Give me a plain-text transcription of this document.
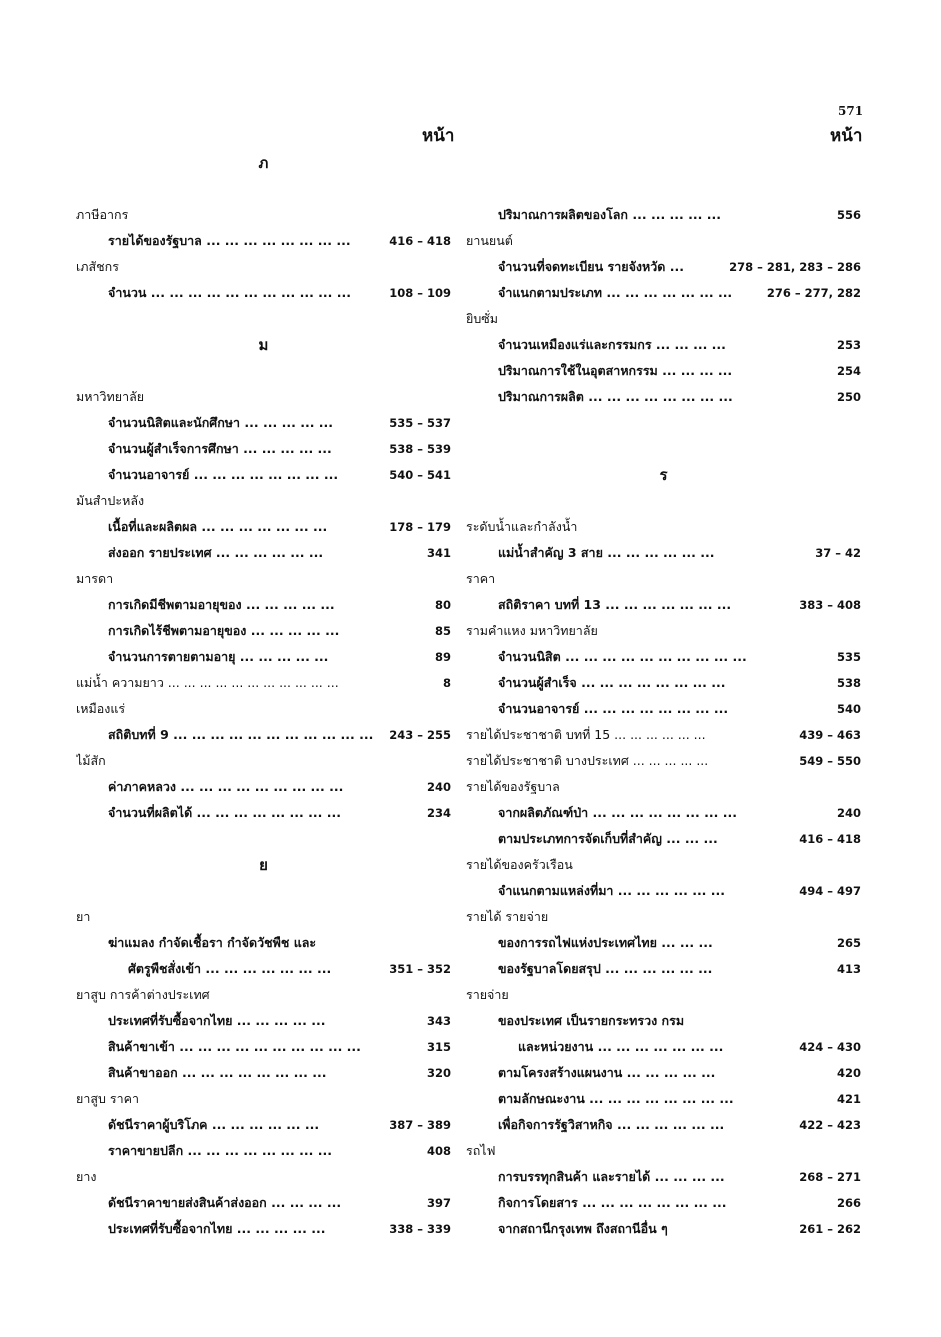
571
หน้า	หน้า
ภ
ภาษีอากร
รายได้ของรัฐบาล ... ... ... ... ... ... ... ...	416 – 418
เภสัชกร
จำนวน ... ... ... ... ... ... ... ... ... ... ...	108 – 109
ม
มหาวิทยาลัย
จำนวนนิสิตและนักศึกษา ... ... ... ... ...	535 – 537
จำนวนผู้สำเร็จการศึกษา ... ... ... ... ...	538 – 539
จำนวนอาจารย์ ... ... ... ... ... ... ... ...	540 – 541
มันสำปะหลัง
เนื้อที่และผลิตผล ... ... ... ... ... ... ...	178 – 179
ส่งออก รายประเทศ ... ... ... ... ... ...	341
มารดา
การเกิดมีชีพตามอายุของ ... ... ... ... ...	80
การเกิดไร้ชีพตามอายุของ ... ... ... ... ...	85
จำนวนการตายตามอายุ ... ... ... ... ...	89
แม่น้ำ ความยาว ... ... ... ... ... ... ... ... ... ... ...	8
เหมืองแร่
สถิติบทที่ 9 ... ... ... ... ... ... ... ... ... ... ... 243 – 255
ไม้สัก
ค่าภาคหลวง ... ... ... ... ... ... ... ... ...	240
จำนวนที่ผลิตได้ ... ... ... ... ... ... ... ...	234
ย
ยา
ฆ่าแมลง กำจัดเชื้อรา กำจัดวัชพืช และ
ศัตรูพืชสั่งเข้า ... ... ... ... ... ... ...	351 – 352
ยาสูบ การค้าต่างประเทศ
ประเทศที่รับซื้อจากไทย ... ... ... ... ...	343
สินค้าขาเข้า ... ... ... ... ... ... ... ... ... ...	315
สินค้าขาออก ... ... ... ... ... ... ... ...	320
ยาสูบ ราคา
ดัชนีราคาผู้บริโภค ... ... ... ... ... ...	387 – 389
ราคาขายปลีก ... ... ... ... ... ... ... ...	408
ยาง
ดัชนีราคาขายส่งสินค้าส่งออก ... ... ... ...	397
ประเทศที่รับซื้อจากไทย ... ... ... ... ...	338 – 339
ปริมาณการผลิตของโลก ... ... ... ... ...	556
ยานยนต์
จำนวนที่จดทะเบียน รายจังหวัด ...	278 – 281, 283 – 286
จำแนกตามประเภท ... ... ... ... ... ... ...	276 – 277, 282
ยิบซั่ม
จำนวนเหมืองแร่และกรรมกร ... ... ... ...	253
ปริมาณการใช้ในอุตสาหกรรม ... ... ... ...	254
ปริมาณการผลิต ... ... ... ... ... ... ... ...	250
ร
ระดับน้ำและกำลังน้ำ
แม่น้ำสำคัญ 3 สาย ... ... ... ... ... ...	37 – 42
ราคา
สถิติราคา บทที่ 13 ... ... ... ... ... ... ...	383 – 408
รามคำแหง มหาวิทยาลัย
จำนวนนิสิต ... ... ... ... ... ... ... ... ... ...	535
จำนวนผู้สำเร็จ ... ... ... ... ... ... ... ...	538
จำนวนอาจารย์ ... ... ... ... ... ... ... ...	540
รายได้ประชาชาติ บทที่ 15 ... ... ... ... ... ...	439 – 463
รายได้ประชาชาติ บางประเทศ ... ... ... ... ...	549 – 550
รายได้ของรัฐบาล
จากผลิตภัณฑ์ป่า ... ... ... ... ... ... ... ...	240
ตามประเภทการจัดเก็บที่สำคัญ ... ... ...	416 – 418
รายได้ของครัวเรือน
จำแนกตามแหล่งที่มา ... ... ... ... ... ...	494 – 497
รายได้ รายจ่าย
ของการรถไฟแห่งประเทศไทย ... ... ...	265
ของรัฐบาลโดยสรุป ... ... ... ... ... ...	413
รายจ่าย
ของประเทศ เป็นรายกระทรวง กรม
และหน่วยงาน ... ... ... ... ... ... ...	424 – 430
ตามโครงสร้างแผนงาน ... ... ... ... ...	420
ตามลักษณะงาน ... ... ... ... ... ... ... ...	421
เพื่อกิจการรัฐวิสาหกิจ ... ... ... ... ... ...	422 – 423
รถไฟ
การบรรทุกสินค้า และรายได้ ... ... ... ...	268 – 271
กิจการโดยสาร ... ... ... ... ... ... ... ...	266
จากสถานีกรุงเทพ ถึงสถานีอื่น ๆ	261 – 262
